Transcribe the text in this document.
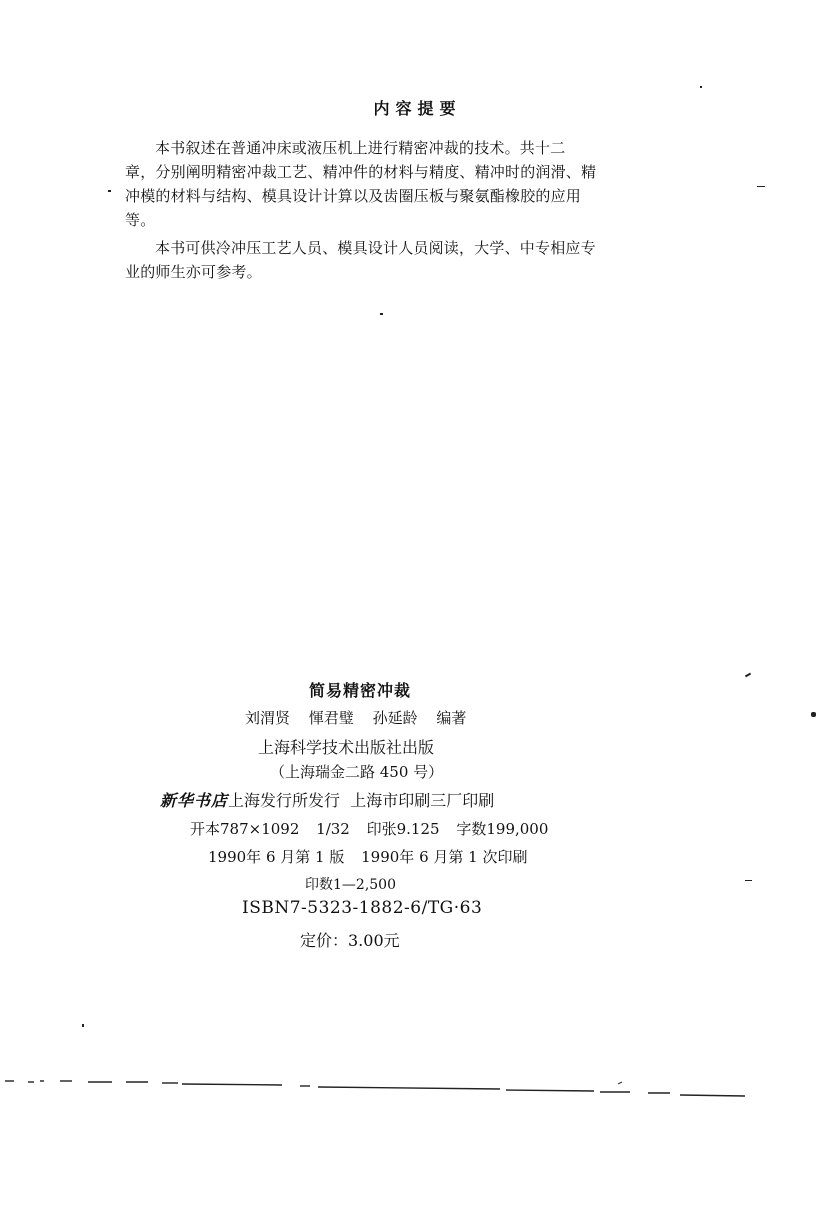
内容提要

本书叙述在普通冲床或液压机上进行精密冲裁的技术。共十二
章，分别阐明精密冲裁工艺、精冲件的材料与精度、精冲时的润滑、精
冲模的材料与结构、模具设计计算以及齿圈压板与聚氨酯橡胶的应用
等。

本书可供冷冲压工艺人员、模具设计人员阅读，大学、中专相应专
业的师生亦可参考。

简易精密冲裁
刘渭贤 惲君璧 孙延龄 编著
上海科学技术出版社出版
（上海瑞金二路 450 号）
新华书店上海发行所发行 上海市印刷三厂印刷
开本787×1092 1/32 印张9.125 字数199,000
1990年 6 月第 1 版 1990年 6 月第 1 次印刷
印数1—2,500
ISBN7-5323-1882-6/TG·63
定价：3.00元
